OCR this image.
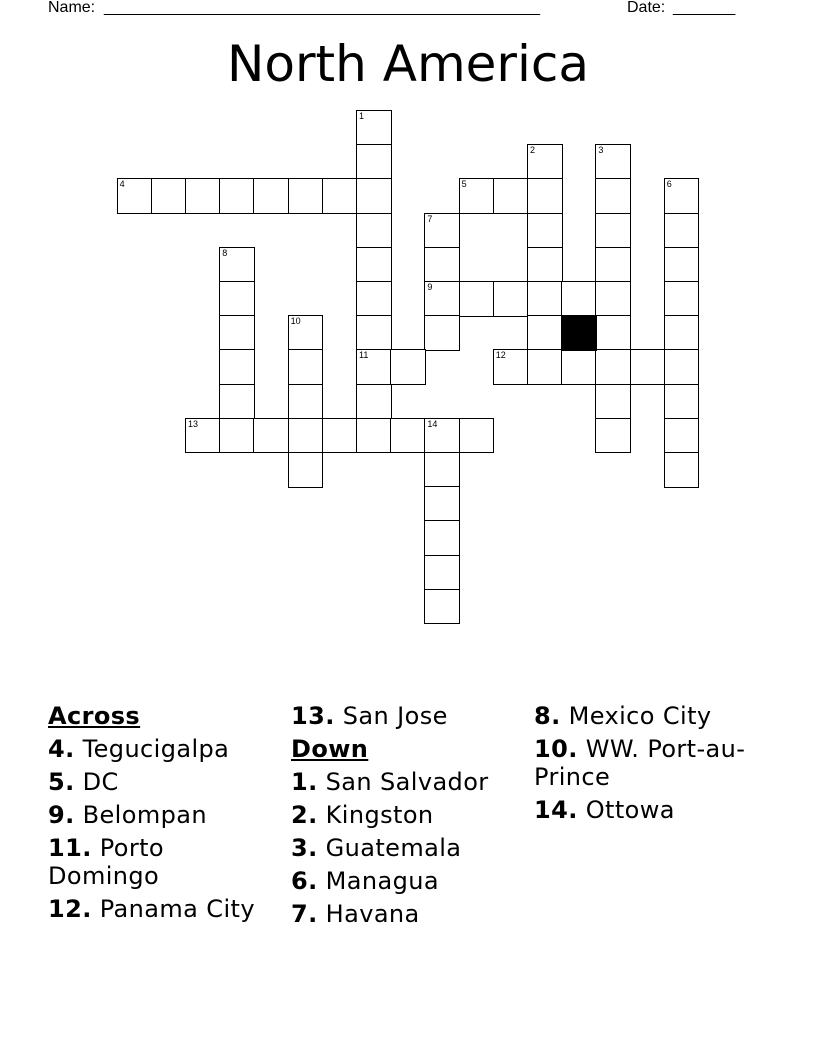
Name: _________________________________________________	Date: _______
North America
1
2	3
4	5	6
7
8
9
10
11	12
13	14
Across
4. Tegucigalpa
5. DC
9. Belompan
11. Porto Domingo
12. Panama City
13. San Jose
Down
1. San Salvador
2. Kingston
3. Guatemala
6. Managua
7. Havana
8. Mexico City
10. WW. Port-au-Prince
14. Ottowa
